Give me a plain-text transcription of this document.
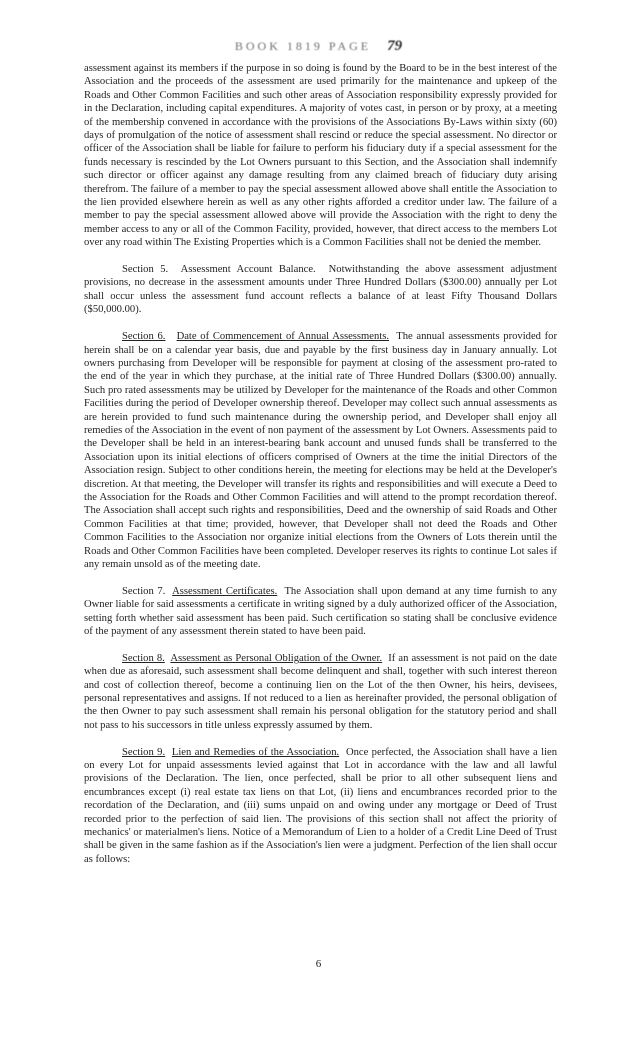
BOOK 1819 PAGE 79

assessment against its members if the purpose in so doing is found by the Board to be in the best interest of the Association and the proceeds of the assessment are used primarily for the maintenance and upkeep of the Roads and Other Common Facilities and such other areas of Association responsibility expressly provided for in the Declaration, including capital expenditures. A majority of votes cast, in person or by proxy, at a meeting of the membership convened in accordance with the provisions of the Associations By-Laws within sixty (60) days of promulgation of the notice of assessment shall rescind or reduce the special assessment. No director or officer of the Association shall be liable for failure to perform his fiduciary duty if a special assessment for the funds necessary is rescinded by the Lot Owners pursuant to this Section, and the Association shall indemnify such director or officer against any damage resulting from any claimed breach of fiduciary duty arising therefrom. The failure of a member to pay the special assessment allowed above shall entitle the Association to the lien provided elsewhere herein as well as any other rights afforded a creditor under law. The failure of a member to pay the special assessment allowed above will provide the Association with the right to deny the member access to any or all of the Common Facility, provided, however, that direct access to the members Lot over any road within The Existing Properties which is a Common Facilities shall not be denied the member.

Section 5. Assessment Account Balance. Notwithstanding the above assessment adjustment provisions, no decrease in the assessment amounts under Three Hundred Dollars ($300.00) annually per Lot shall occur unless the assessment fund account reflects a balance of at least Fifty Thousand Dollars ($50,000.00).

Section 6. Date of Commencement of Annual Assessments. The annual assessments provided for herein shall be on a calendar year basis, due and payable by the first business day in January annually. Lot owners purchasing from Developer will be responsible for payment at closing of the assessment pro-rated to the end of the year in which they purchase, at the initial rate of Three Hundred Dollars ($300.00) annually. Such pro rated assessments may be utilized by Developer for the maintenance of the Roads and other Common Facilities during the period of Developer ownership thereof. Developer may collect such annual assessments as are herein provided to fund such maintenance during the ownership period, and Developer shall enjoy all remedies of the Association in the event of non payment of the assessment by Lot Owners. Assessments paid to the Developer shall be held in an interest-bearing bank account and unused funds shall be transferred to the Association upon its initial elections of officers comprised of Owners at the time the initial Directors of the Association resign. Subject to other conditions herein, the meeting for elections may be held at the Developer's discretion. At that meeting, the Developer will transfer its rights and responsibilities and will execute a Deed to the Association for the Roads and Other Common Facilities and will attend to the prompt recordation thereof. The Association shall accept such rights and responsibilities, Deed and the ownership of said Roads and Other Common Facilities at that time; provided, however, that Developer shall not deed the Roads and Other Common Facilities to the Association nor organize initial elections from the Owners of Lots therein until the Roads and Other Common Facilities have been completed. Developer reserves its rights to continue Lot sales if any remain unsold as of the meeting date.

Section 7. Assessment Certificates. The Association shall upon demand at any time furnish to any Owner liable for said assessments a certificate in writing signed by a duly authorized officer of the Association, setting forth whether said assessment has been paid. Such certification so stating shall be conclusive evidence of the payment of any assessment therein stated to have been paid.

Section 8. Assessment as Personal Obligation of the Owner. If an assessment is not paid on the date when due as aforesaid, such assessment shall become delinquent and shall, together with such interest thereon and cost of collection thereof, become a continuing lien on the Lot of the then Owner, his heirs, devisees, personal representatives and assigns. If not reduced to a lien as hereinafter provided, the personal obligation of the then Owner to pay such assessment shall remain his personal obligation for the statutory period and shall not pass to his successors in title unless expressly assumed by them.

Section 9. Lien and Remedies of the Association. Once perfected, the Association shall have a lien on every Lot for unpaid assessments levied against that Lot in accordance with the law and all lawful provisions of the Declaration. The lien, once perfected, shall be prior to all other subsequent liens and encumbrances except (i) real estate tax liens on that Lot, (ii) liens and encumbrances recorded prior to the recordation of the Declaration, and (iii) sums unpaid on and owing under any mortgage or Deed of Trust recorded prior to the perfection of said lien. The provisions of this section shall not affect the priority of mechanics' or materialmen's liens. Notice of a Memorandum of Lien to a holder of a Credit Line Deed of Trust shall be given in the same fashion as if the Association's lien were a judgment. Perfection of the lien shall occur as follows:

6
